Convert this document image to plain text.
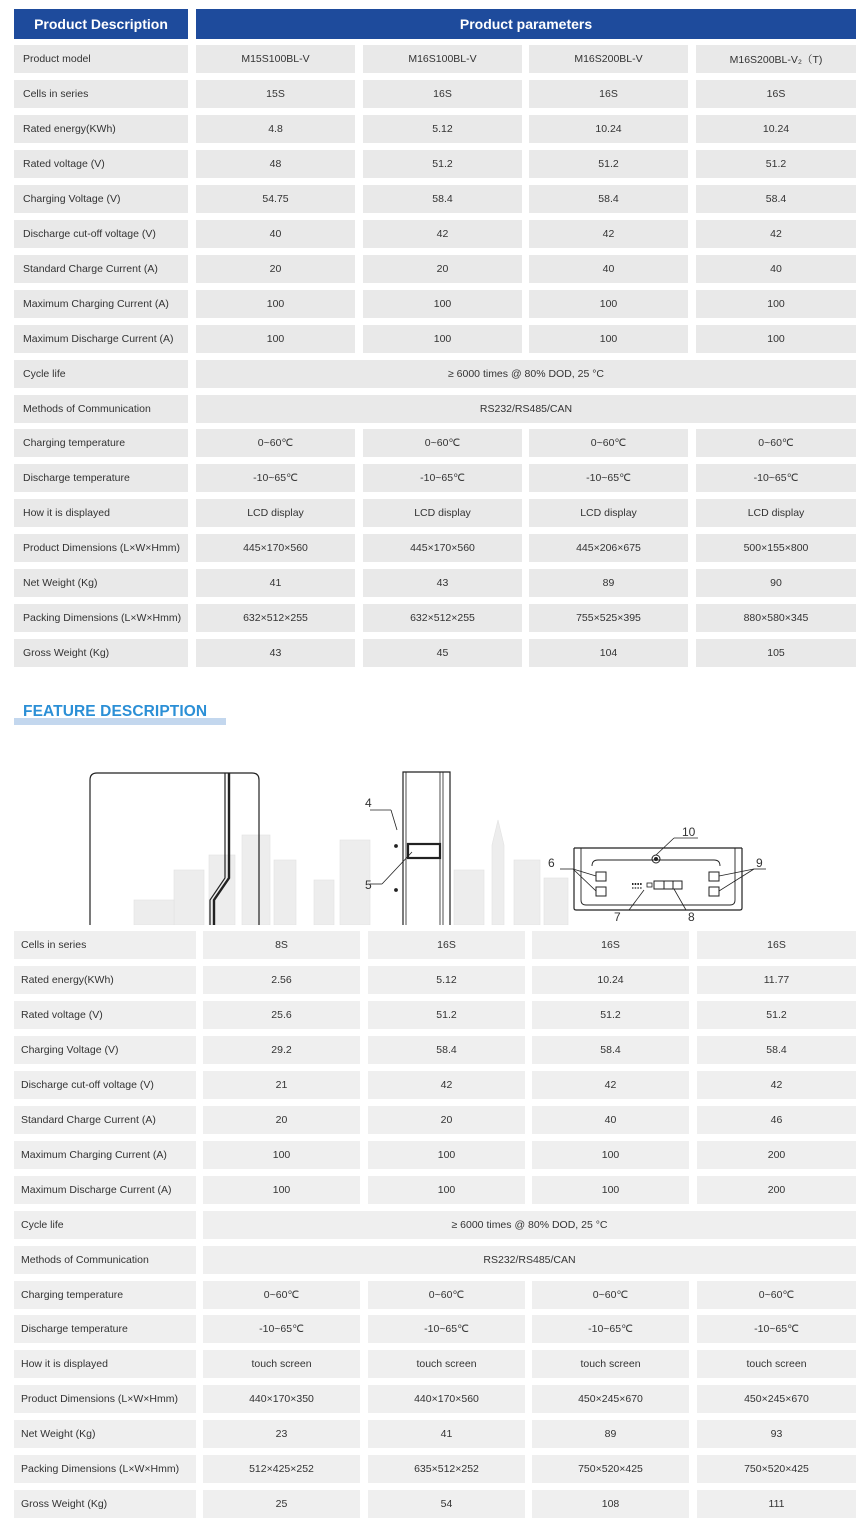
Product Description	Product parameters
Product model	M15S100BL-V	M16S100BL-V	M16S200BL-V	M16S200BL-V₂（T)
Cells in series	15S	16S	16S	16S
Rated energy(KWh)	4.8	5.12	10.24	10.24
Rated voltage (V)	48	51.2	51.2	51.2
Charging Voltage (V)	54.75	58.4	58.4	58.4
Discharge cut-off voltage (V)	40	42	42	42
Standard Charge Current (A)	20	20	40	40
Maximum Charging Current (A)	100	100	100	100
Maximum Discharge Current (A)	100	100	100	100
Cycle life	≥ 6000 times @ 80% DOD, 25 °C
Methods of Communication	RS232/RS485/CAN
Charging temperature	0~60℃	0~60℃	0~60℃	0~60℃
Discharge temperature	-10~65℃	-10~65℃	-10~65℃	-10~65℃
How it is displayed	LCD display	LCD display	LCD display	LCD display
Product Dimensions (L×W×Hmm)	445×170×560	445×170×560	445×206×675	500×155×800
Net Weight (Kg)	41	43	89	90
Packing Dimensions (L×W×Hmm)	632×512×255	632×512×255	755×525×395	880×580×345
Gross Weight (Kg)	43	45	104	105
FEATURE DESCRIPTION
4
5
10
6	9
7	8
Cells in series	8S	16S	16S	16S
Rated energy(KWh)	2.56	5.12	10.24	11.77
Rated voltage (V)	25.6	51.2	51.2	51.2
Charging Voltage (V)	29.2	58.4	58.4	58.4
Discharge cut-off voltage (V)	21	42	42	42
Standard Charge Current (A)	20	20	40	46
Maximum Charging Current (A)	100	100	100	200
Maximum Discharge Current (A)	100	100	100	200
Cycle life	≥ 6000 times @ 80% DOD, 25 °C
Methods of Communication	RS232/RS485/CAN
Charging temperature	0~60℃	0~60℃	0~60℃	0~60℃
Discharge temperature	-10~65℃	-10~65℃	-10~65℃	-10~65℃
How it is displayed	touch screen	touch screen	touch screen	touch screen
Product Dimensions (L×W×Hmm)	440×170×350	440×170×560	450×245×670	450×245×670
Net Weight (Kg)	23	41	89	93
Packing Dimensions (L×W×Hmm)	512×425×252	635×512×252	750×520×425	750×520×425
Gross Weight (Kg)	25	54	108	111
